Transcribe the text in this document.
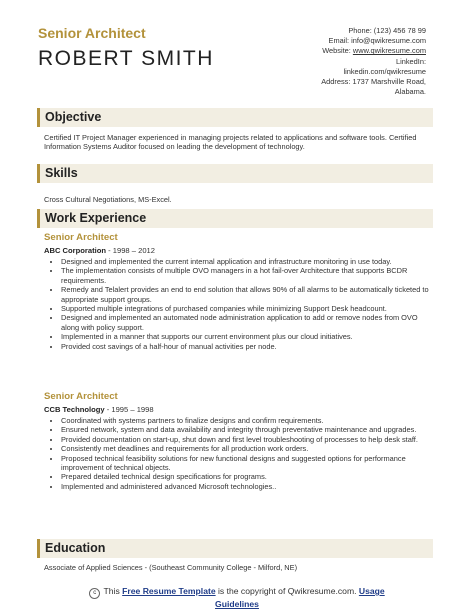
Senior Architect
ROBERT SMITH
Phone: (123) 456 78 99
Email: info@qwikresume.com
Website: www.qwikresume.com
LinkedIn:
linkedin.com/qwikresume
Address: 1737 Marshville Road,
Alabama.
Objective
Certified IT Project Manager experienced in managing projects related to applications and software tools. Certified Information Systems Auditor focused on leading the development of technology.
Skills
Cross Cultural Negotiations, MS-Excel.
Work Experience
Senior Architect
ABC Corporation - 1998 – 2012
• Designed and implemented the current internal application and infrastructure monitoring in use today.
• The implementation consists of multiple OVO managers in a hot fail-over Architecture that supports BCDR requirements.
• Remedy and Telalert provides an end to end solution that allows 90% of all alarms to be automatically ticketed to appropriate support groups.
• Supported multiple integrations of purchased companies while minimizing Support Desk headcount.
• Designed and implemented an automated node administration application to add or remove nodes from OVO along with policy support.
• Implemented in a manner that supports our current environment plus our cloud initiatives.
• Provided cost savings of a half-hour of manual activities per node.
Senior Architect
CCB Technology - 1995 – 1998
• Coordinated with systems partners to finalize designs and confirm requirements.
• Ensured network, system and data availability and integrity through preventative maintenance and upgrades.
• Provided documentation on start-up, shut down and first level troubleshooting of processes to help desk staff.
• Consistently met deadlines and requirements for all production work orders.
• Proposed technical feasibility solutions for new functional designs and suggested options for performance improvement of technical objects.
• Prepared detailed technical design specifications for programs.
• Implemented and administered advanced Microsoft technologies..
Education
Associate of Applied Sciences - (Southeast Community College - Milford, NE)
c This Free Resume Template is the copyright of Qwikresume.com. Usage
Guidelines
